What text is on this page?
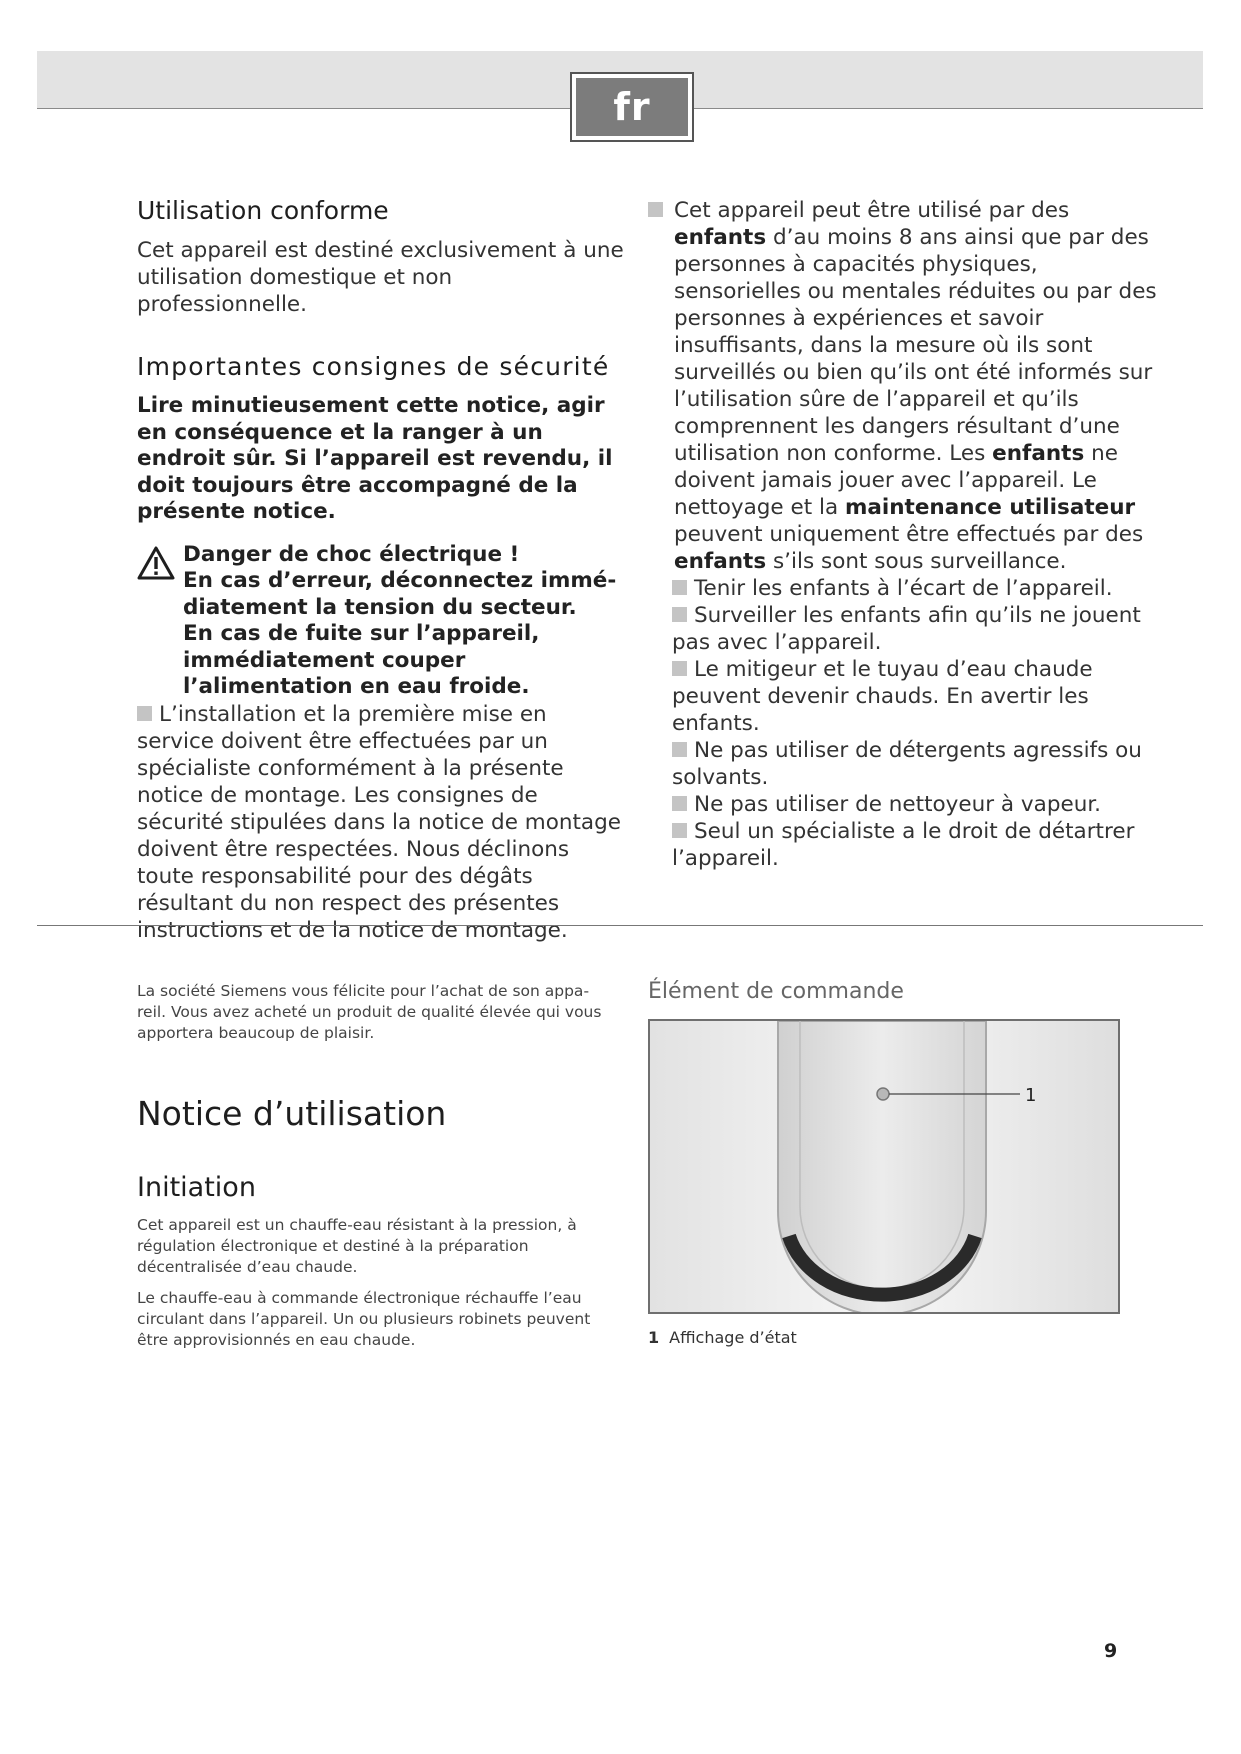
fr
Utilisation conforme

Cet appareil est destiné exclusivement à une utilisation domestique et non professionnelle.

Importantes consignes de sécurité

Lire minutieusement cette notice, agir en conséquence et la ranger à un endroit sûr. Si l’appareil est revendu, il doit toujours être accompagné de la présente notice.

Danger de choc électrique !

En cas d’erreur, déconnectez immédiatement la tension du secteur.

En cas de fuite sur l’appareil, immédiatement couper l’alimentation en eau froide.

L’installation et la première mise en service doivent être effectuées par un spécialiste conformément à la présente notice de montage. Les consignes de sécurité stipulées dans la notice de montage doivent être respectées. Nous déclinons toute responsabilité pour des dégâts résultant du non respect des présentes instructions et de la notice de montage.

Cet appareil peut être utilisé par des enfants d’au moins 8 ans ainsi que par des personnes à capacités physiques, sensorielles ou mentales réduites ou par des personnes à expériences et savoir insuffisants, dans la mesure où ils sont surveillés ou bien qu’ils ont été informés sur l’utilisation sûre de l’appareil et qu’ils comprennent les dangers résultant d’une utilisation non conforme. Les enfants ne doivent jamais jouer avec l’appareil. Le nettoyage et la maintenance utilisateur peuvent uniquement être effectués par des enfants s’ils sont sous surveillance.

Tenir les enfants à l’écart de l’appareil.

Surveiller les enfants afin qu’ils ne jouent pas avec l’appareil.

Le mitigeur et le tuyau d’eau chaude peuvent devenir chauds. En avertir les enfants.

Ne pas utiliser de détergents agressifs ou solvants.

Ne pas utiliser de nettoyeur à vapeur.

Seul un spécialiste a le droit de détartrer l’appareil.

La société Siemens vous félicite pour l’achat de son appareil. Vous avez acheté un produit de qualité élevée qui vous apportera beaucoup de plaisir.

Notice d’utilisation
Initiation

Cet appareil est un chauffe-eau résistant à la pression, à régulation électronique et destiné à la préparation décentralisée d’eau chaude.

Le chauffe-eau à commande électronique réchauffe l’eau circulant dans l’appareil. Un ou plusieurs robinets peuvent être approvisionnés en eau chaude.

Élément de commande
1
1 Affichage d’état
9
